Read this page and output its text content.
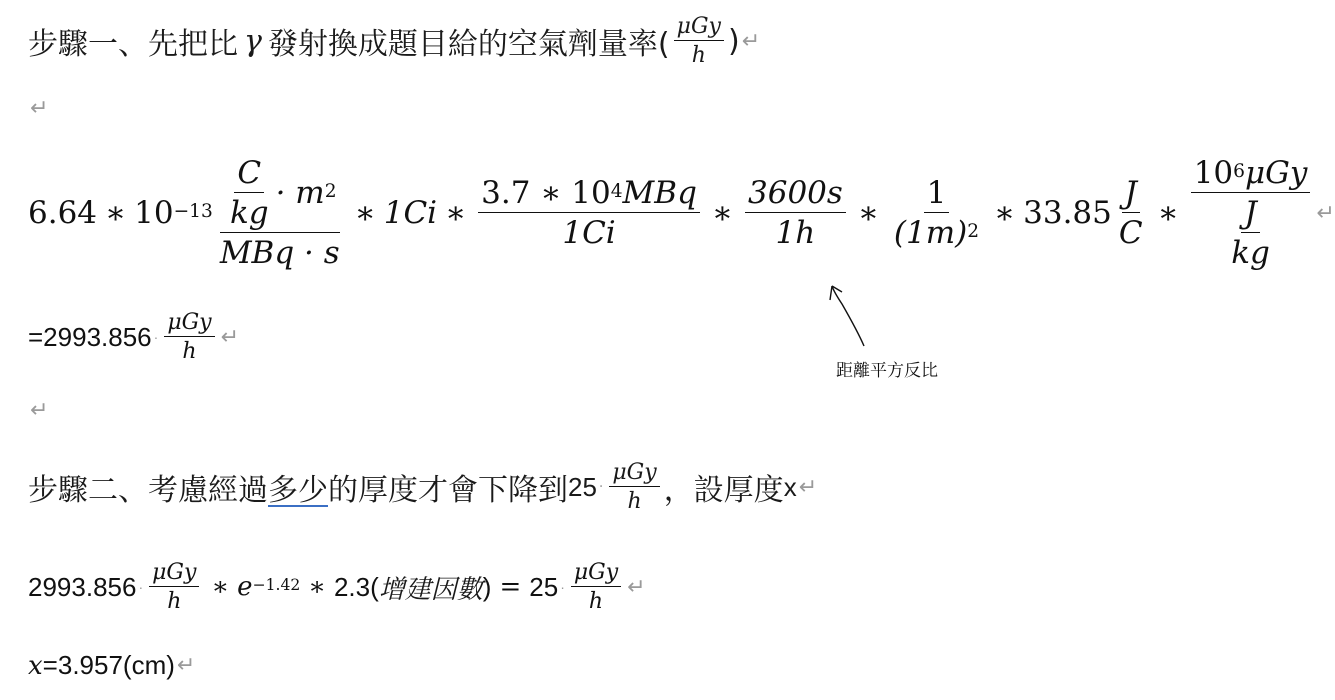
步驟一、先把比 γ 發射換成題目給的空氣劑量率( $\frac{\text{μGy}}{h}$ ) ↵
↵
6.64 ∗ $10^{-13} \frac{\frac{C}{kg} \cdot m^2}{\text{MBq · s}}$ ∗ 1Ci ∗ $\frac{3.7 ∗ 10^4 MBq}{1Ci}$ ∗ $\frac{3600s}{1h}$ ∗ $\frac{1}{(1m)^2}$ ∗ $33.85 \frac{J}{C}$ ∗ $\frac{10^6 \mu Gy}{\frac{J}{kg}}$ ↵
$=2993.856 \cdot \frac{\text{μGy}}{h}$ ↵
距離平方反比
↵
步驟二、考慮經過 多少 的厚度才會下降到 $25 \cdot \frac{\text{μGy}}{h}$ ，設厚度 x ↵
$2993.856 \cdot \frac{\text{μGy}}{h}$ ∗ $e^{-1.42}$ ∗ 2.3( 增建因數 ) = $25 \cdot \frac{\text{μGy}}{h}$ ↵
x =3.957(cm) ↵
